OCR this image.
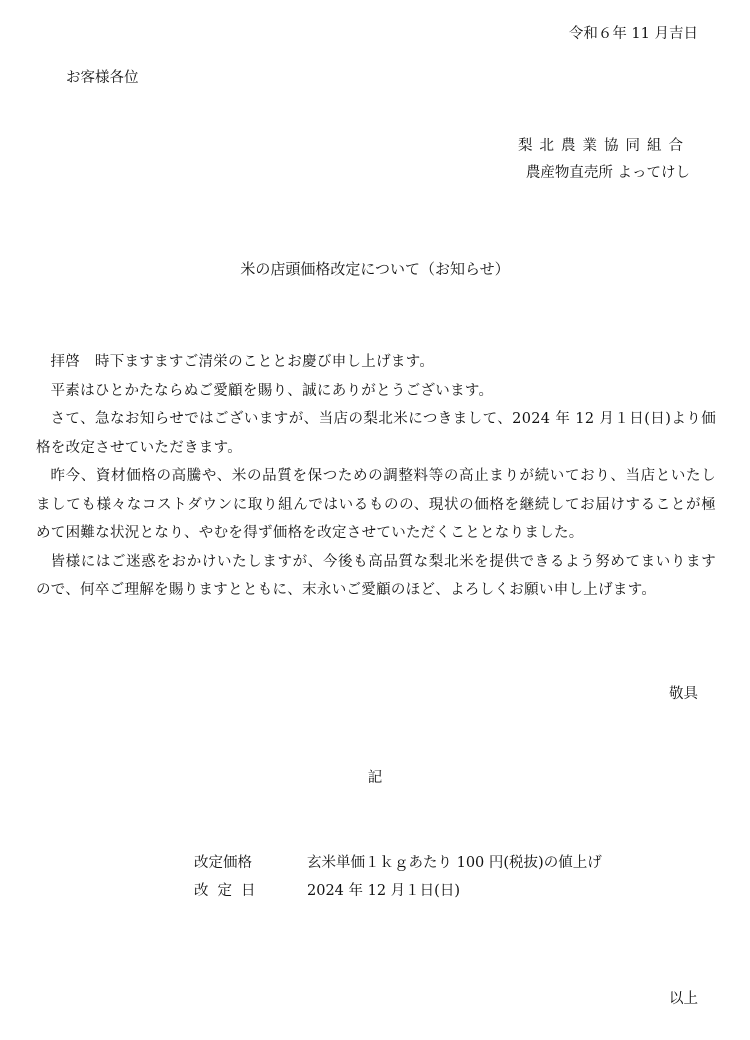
令和６年 11 月吉日
お客様各位
梨北農業協同組合
農産物直売所 よってけし
米の店頭価格改定について（お知らせ）

拝啓　時下ますますご清栄のこととお慶び申し上げます。

平素はひとかたならぬご愛顧を賜り、誠にありがとうございます。

さて、急なお知らせではございますが、当店の梨北米につきまして、2024 年 12 月１日(日)より価格を改定させていただきます。

昨今、資材価格の高騰や、米の品質を保つための調整料等の高止まりが続いており、当店といたしましても様々なコストダウンに取り組んではいるものの、現状の価格を継続してお届けすることが極めて困難な状況となり、やむを得ず価格を改定させていただくこととなりました。

皆様にはご迷惑をおかけいたしますが、今後も高品質な梨北米を提供できるよう努めてまいりますので、何卒ご理解を賜りますとともに、末永いご愛顧のほど、よろしくお願い申し上げます。

敬具
記
改定価格	玄米単価１ｋｇあたり 100 円(税抜)の値上げ
改定日	2024 年 12 月１日(日)
以上
